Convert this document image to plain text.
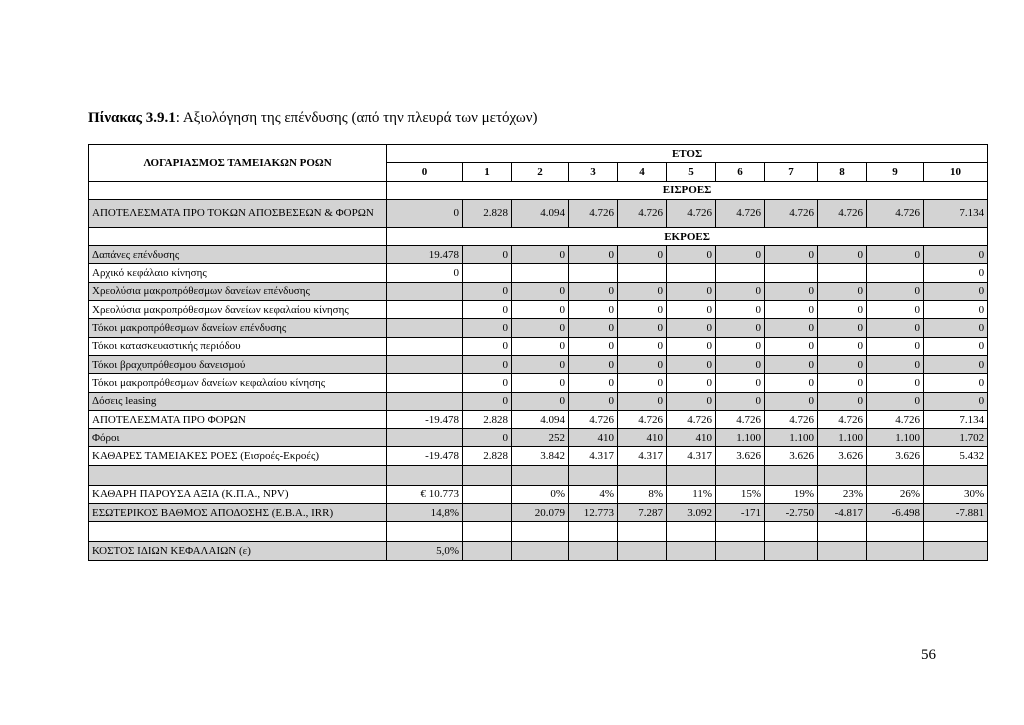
Πίνακας 3.9.1: Αξιολόγηση της επένδυσης (από την πλευρά των μετόχων)
ΛΟΓΑΡΙΑΣΜΟΣ ΤΑΜΕΙΑΚΩΝ ΡΟΩΝ	ΕΤΟΣ										
	0	1	2	3	4	5	6	7	8	9	10
	ΕΙΣΡΟΕΣ										
ΑΠΟΤΕΛΕΣΜΑΤΑ ΠΡΟ ΤΟΚΩΝ ΑΠΟΣΒΕΣΕΩΝ & ΦΟΡΩΝ	0	2.828	4.094	4.726	4.726	4.726	4.726	4.726	4.726	4.726	7.134
	ΕΚΡΟΕΣ										
Δαπάνες επένδυσης	19.478	0	0	0	0	0	0	0	0	0	0
Αρχικό κεφάλαιο κίνησης	0										0
Χρεολύσια μακροπρόθεσμων δανείων επένδυσης		0	0	0	0	0	0	0	0	0	0
Χρεολύσια μακροπρόθεσμων δανείων κεφαλαίου κίνησης		0	0	0	0	0	0	0	0	0	0
Τόκοι μακροπρόθεσμων δανείων επένδυσης		0	0	0	0	0	0	0	0	0	0
Τόκοι κατασκευαστικής περιόδου		0	0	0	0	0	0	0	0	0	0
Τόκοι βραχυπρόθεσμου δανεισμού		0	0	0	0	0	0	0	0	0	0
Τόκοι μακροπρόθεσμων δανείων κεφαλαίου κίνησης		0	0	0	0	0	0	0	0	0	0
Δόσεις leasing		0	0	0	0	0	0	0	0	0	0
ΑΠΟΤΕΛΕΣΜΑΤΑ ΠΡΟ ΦΟΡΩΝ	-19.478	2.828	4.094	4.726	4.726	4.726	4.726	4.726	4.726	4.726	7.134
Φόροι		0	252	410	410	410	1.100	1.100	1.100	1.100	1.702
ΚΑΘΑΡΕΣ ΤΑΜΕΙΑΚΕΣ ΡΟΕΣ (Εισροές-Εκροές)	-19.478	2.828	3.842	4.317	4.317	4.317	3.626	3.626	3.626	3.626	5.432

ΚΑΘΑΡΗ ΠΑΡΟΥΣΑ ΑΞΙΑ (Κ.Π.Α., NPV)	€ 10.773		0%	4%	8%	11%	15%	19%	23%	26%	30%
ΕΣΩΤΕΡΙΚΟΣ ΒΑΘΜΟΣ ΑΠΟΔΟΣΗΣ (Ε.Β.Α., IRR)	14,8%		20.079	12.773	7.287	3.092	-171	-2.750	-4.817	-6.498	-7.881

ΚΟΣΤΟΣ ΙΔΙΩΝ ΚΕΦΑΛΑΙΩΝ (ε)	5,0%										
56
